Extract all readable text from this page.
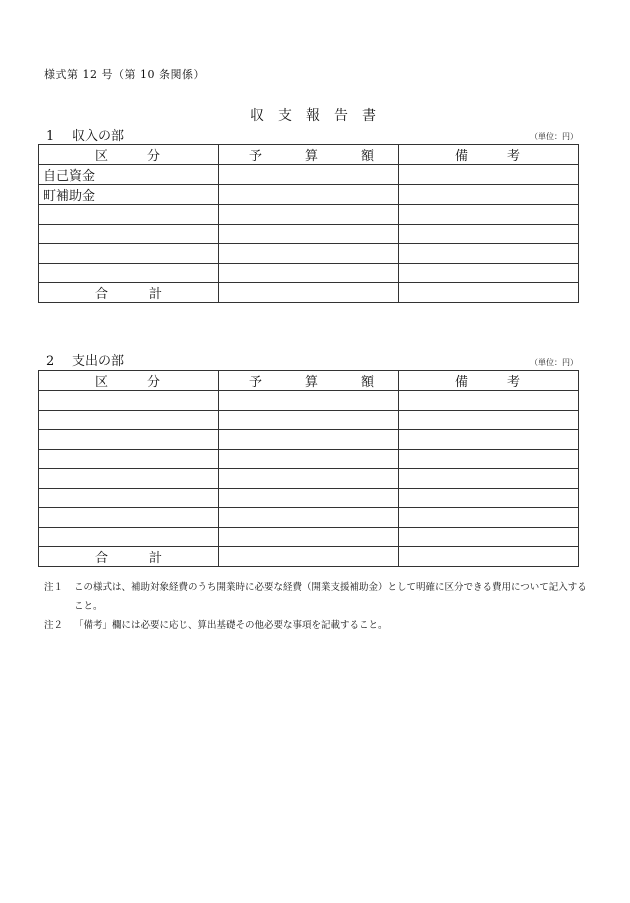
様式第 12 号（第 10 条関係）
収支報告書
1 収入の部	（単位：円）
区 分	予 算 額	備 考

自己資金		
町補助金		

合 計		

2 支出の部	（単位：円）
区 分	予 算 額	備 考

合 計		

注１	この様式は、補助対象経費のうち開業時に必要な経費（開業支援補助金）として明確に区分できる費用について記入すること。
注２	「備考」欄には必要に応じ、算出基礎その他必要な事項を記載すること。
